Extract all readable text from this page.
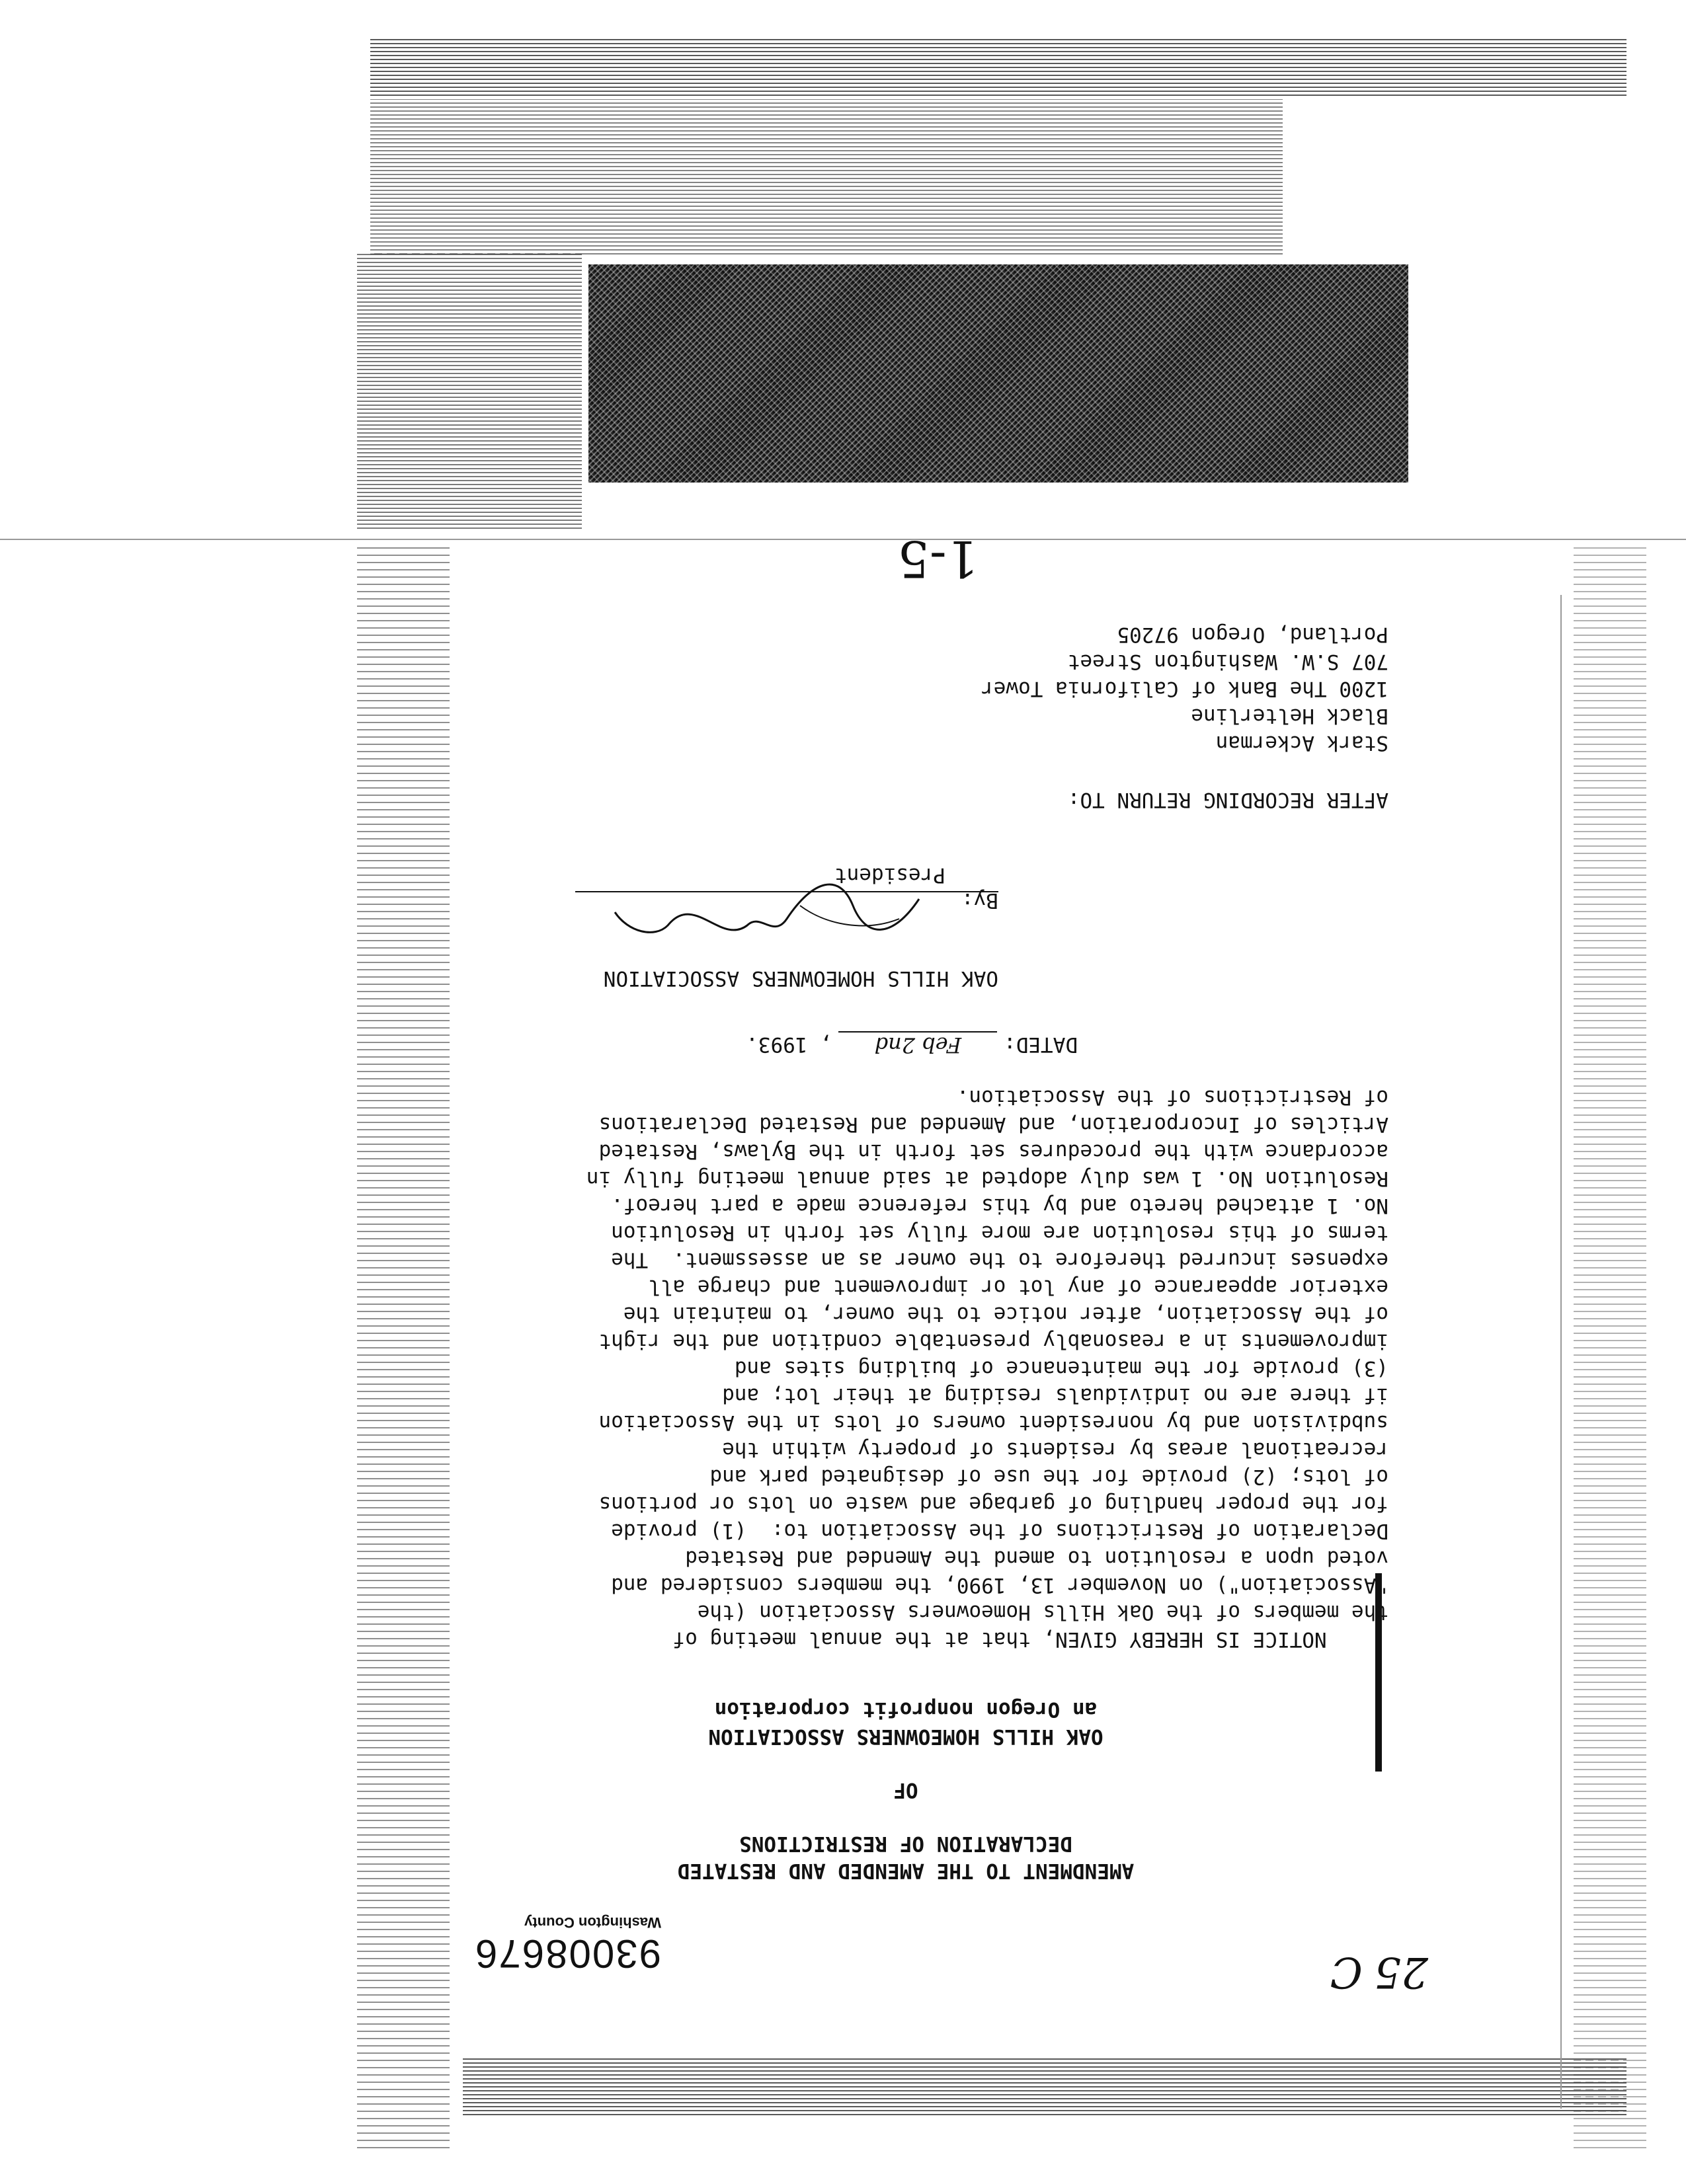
25 C
93008676
Washington County
AMENDMENT TO THE AMENDED AND RESTATED
DECLARATION OF RESTRICTIONS
OF
OAK HILLS HOMEOWNERS ASSOCIATION
an Oregon nonprofit corporation
NOTICE IS HEREBY GIVEN, that at the annual meeting of
the members of the Oak Hills Homeowners Association (the
"Association") on November 13, 1990, the members considered and
voted upon a resolution to amend the Amended and Restated
Declaration of Restrictions of the Association to:  (1) provide
for the proper handling of garbage and waste on lots or portions
of lots; (2) provide for the use of designated park and
recreational areas by residents of property within the
subdivision and by nonresident owners of lots in the Association
if there are no individuals residing at their lot; and
(3) provide for the maintenance of building sites and
improvements in a reasonably presentable condition and the right
of the Association, after notice to the owner, to maintain the
exterior appearance of any lot or improvement and charge all
expenses incurred therefore to the owner as an assessment.  The
terms of this resolution are more fully set forth in Resolution
No. 1 attached hereto and by this reference made a part hereof.
Resolution No. 1 was duly adopted at said annual meeting fully in
accordance with the procedures set forth in the Bylaws, Restated
Articles of Incorporation, and Amended and Restated Declarations
of Restrictions of the Association.
DATED: Feb 2nd , 1993.
OAK HILLS HOMEOWNERS ASSOCIATION
By:
President
AFTER RECORDING RETURN TO:
Stark Ackerman
Black Helterline
1200 The Bank of California Tower
707 S.W. Washington Street
Portland, Oregon 97205
1-5
